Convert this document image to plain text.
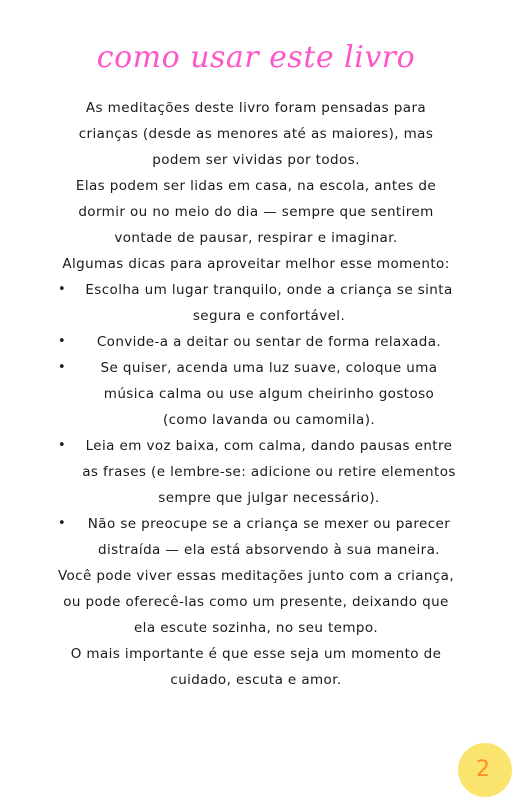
como usar este livro

As meditações deste livro foram pensadas para crianças (desde as menores até as maiores), mas podem ser vividas por todos.

Elas podem ser lidas em casa, na escola, antes de dormir ou no meio do dia — sempre que sentirem vontade de pausar, respirar e imaginar.

Algumas dicas para aproveitar melhor esse momento:

• Escolha um lugar tranquilo, onde a criança se sinta segura e confortável.
• Convide-a a deitar ou sentar de forma relaxada.
•	Se quiser, acenda uma luz suave, coloque uma música calma ou use algum cheirinho gostoso (como lavanda ou camomila).
• Leia em voz baixa, com calma, dando pausas entre as frases (e lembre-se: adicione ou retire elementos sempre que julgar necessário).
• Não se preocupe se a criança se mexer ou parecer distraída — ela está absorvendo à sua maneira.

Você pode viver essas meditações junto com a criança, ou pode oferecê-las como um presente, deixando que ela escute sozinha, no seu tempo.

O mais importante é que esse seja um momento de cuidado, escuta e amor.

2
